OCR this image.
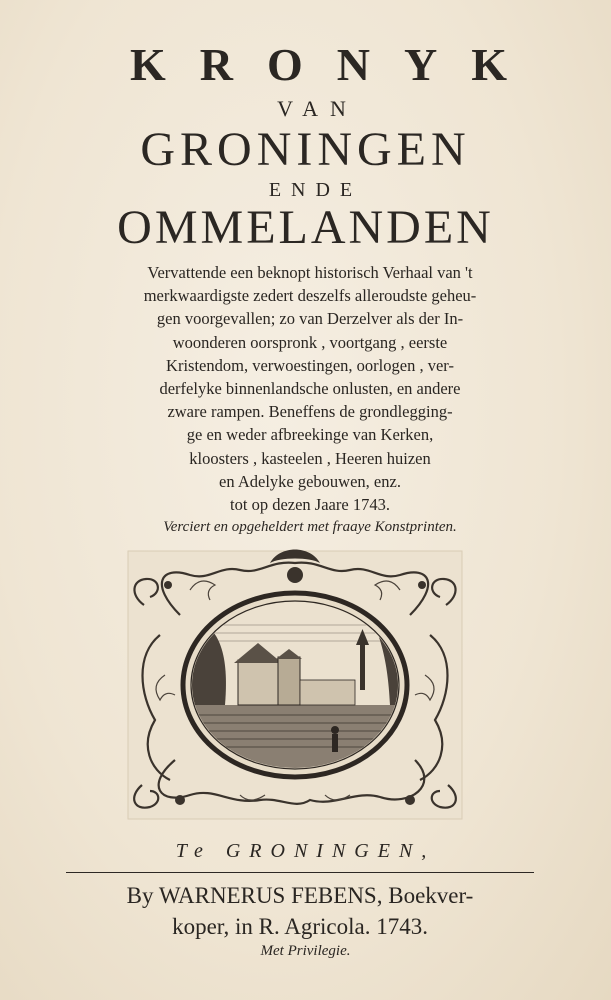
KRONYK
VAN
GRONINGEN
ENDE
OMMELANDEN
Vervattende een beknopt historisch Verhaal van 't
merkwaardigste zedert deszelfs alleroudste geheu-
gen voorgevallen; zo van Derzelver als der In-
woonderen oorspronk , voortgang , eerste
Kristendom, verwoestingen, oorlogen , ver-
derfelyke binnenlandsche onlusten, en andere
zware rampen. Beneffens de grondlegging-
ge en weder afbreekinge van Kerken,
kloosters , kasteelen , Heeren huizen
en Adelyke gebouwen, enz.
tot op dezen Jaare 1743.
Verciert en opgeheldert met fraaye Konstprinten.
Te GRONINGEN,
By WARNERUS FEBENS, Boekver-
koper, in R. Agricola. 1743.
Met Privilegie.
